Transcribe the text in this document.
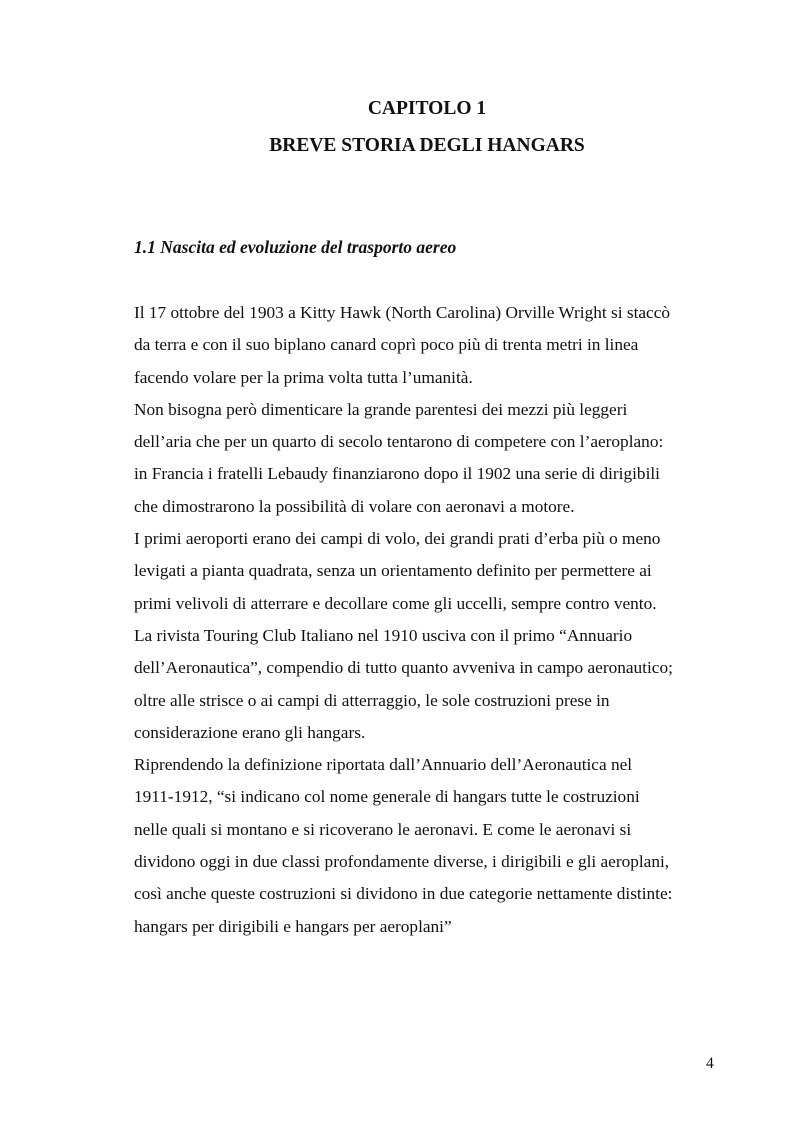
CAPITOLO 1
BREVE STORIA DEGLI HANGARS
1.1 Nascita ed evoluzione del trasporto aereo
Il 17 ottobre del 1903 a Kitty Hawk (North Carolina) Orville Wright si staccò
da terra e con il suo biplano canard coprì poco più di trenta metri in linea
facendo volare per la prima volta tutta l’umanità.
Non bisogna però dimenticare la grande parentesi dei mezzi più leggeri
dell’aria che per un quarto di secolo tentarono di competere con l’aeroplano:
in Francia i fratelli Lebaudy finanziarono dopo il 1902 una serie di dirigibili
che dimostrarono la possibilità di volare con aeronavi a motore.
I primi aeroporti erano dei campi di volo, dei grandi prati d’erba più o meno
levigati a pianta quadrata, senza un orientamento definito per permettere ai
primi velivoli di atterrare e decollare come gli uccelli, sempre contro vento.
La rivista Touring Club Italiano nel 1910 usciva con il primo “Annuario
dell’Aeronautica”, compendio di tutto quanto avveniva in campo aeronautico;
oltre alle strisce o ai campi di atterraggio, le sole costruzioni prese in
considerazione erano gli hangars.
Riprendendo la definizione riportata dall’Annuario dell’Aeronautica nel
1911-1912, “si indicano col nome generale di hangars tutte le costruzioni
nelle quali si montano e si ricoverano le aeronavi. E come le aeronavi si
dividono oggi in due classi profondamente diverse, i dirigibili e gli aeroplani,
così anche queste costruzioni si dividono in due categorie nettamente distinte:
hangars per dirigibili e hangars per aeroplani”
4
